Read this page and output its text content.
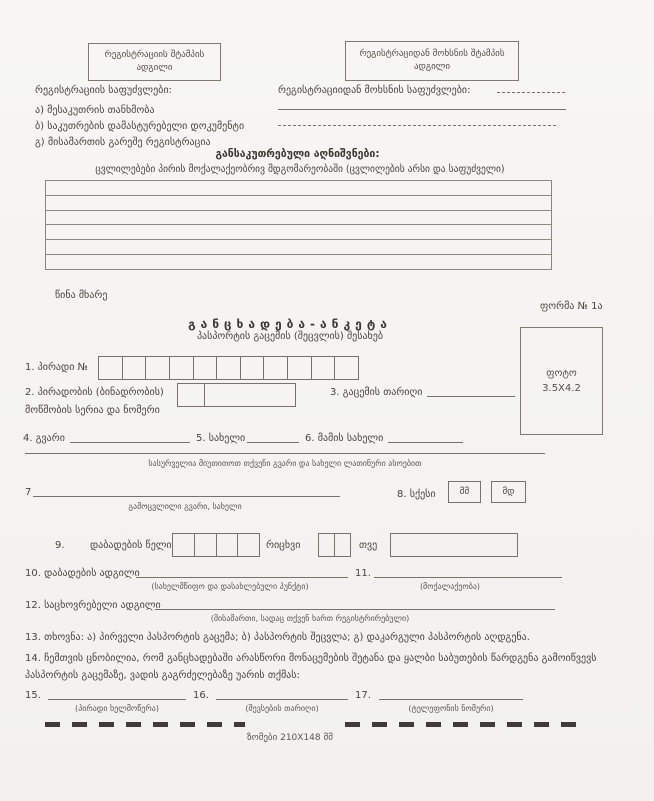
რეგისტრაციის შტამპის
ადგილი
რეგისტრაციდან მოხსნის შტამპის
ადგილი
რეგისტრაციის საფუძვლები:
ა) მესაკუთრის თანხმობა
ბ) საკუთრების დამასტურებელი დოკუმენტი
გ) მისამართის გარეშე რეგისტრაცია
რეგისტრაციიდან მოხსნის საფუძვლები:
განსაკუთრებული აღნიშვნები:
ცვლილებები პირის მოქალაქეობრივ მდგომარეობაში (ცვლილების არსი და საფუძველი)
წინა მხარე
ფორმა № 1ა
განცხადება-ანკეტა
პასპორტის გაცემის (შეცვლის) შესახებ
ფოტო
3.5X4.2
1. პირადი №
2. პირადობის (ბინადრობის)
მოწმობის სერია და ნომერი
3. გაცემის თარიღი
4. გვარი	5. სახელი	6. მამის სახელი
სასურველია მიუთითოთ თქვენი გვარი და სახელი ლათინური ასოებით
7
გამოცვლილი გვარი, სახელი
8. სქესი	მმ	მდ
9.	დაბადების წელი	რიცხვი	თვე
10. დაბადების ადგილი	11.
(სახელმწიფო და დასახლებული პუნქტი)	(მოქალაქეობა)
12. საცხოვრებელი ადგილი
(მისამართი, სადაც თქვენ ხართ რეგისტრირებული)
13. თხოვნა: ა) პირველი პასპორტის გაცემა; ბ) პასპორტის შეცვლა; გ) დაკარგული პასპორტის აღდგენა.
14. ჩემთვის ცნობილია, რომ განცხადებაში არასწორი მონაცემების შეტანა და ყალბი საბუთების წარდგენა გამოიწვევს პასპორტის გაცემაზე, ვადის გაგრძელებაზე უარის თქმას:
15.	16.	17.
(პირადი ხელმოწერა)	(შევსების თარიღი)	(ტელეფონის ნომერი)
ზომები 210X148 მმ
